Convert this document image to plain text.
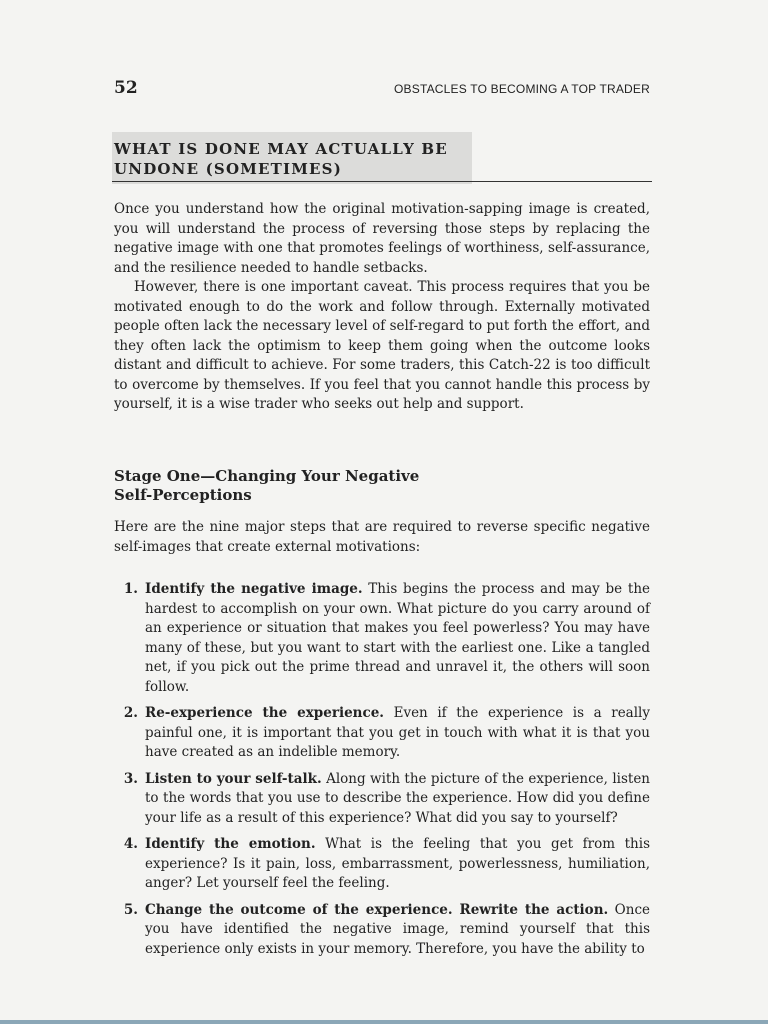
52	OBSTACLES TO BECOMING A TOP TRADER
WHAT IS DONE MAY ACTUALLY BE
UNDONE (SOMETIMES)

Once you understand how the original motivation-sapping image is created, you will understand the process of reversing those steps by replacing the negative image with one that promotes feelings of worthiness, self-assurance, and the resilience needed to handle setbacks.

However, there is one important caveat. This process requires that you be motivated enough to do the work and follow through. Externally motivated people often lack the necessary level of self-regard to put forth the effort, and they often lack the optimism to keep them going when the outcome looks distant and difficult to achieve. For some traders, this Catch-22 is too difficult to overcome by themselves. If you feel that you cannot handle this process by yourself, it is a wise trader who seeks out help and support.

Stage One—Changing Your Negative
Self-Perceptions

Here are the nine major steps that are required to reverse specific negative self-images that create external motivations:

1. Identify the negative image. This begins the process and may be the hardest to accomplish on your own. What picture do you carry around of an experience or situation that makes you feel powerless? You may have many of these, but you want to start with the earliest one. Like a tangled net, if you pick out the prime thread and unravel it, the others will soon follow.
2. Re-experience the experience. Even if the experience is a really painful one, it is important that you get in touch with what it is that you have created as an indelible memory.
3. Listen to your self-talk. Along with the picture of the experience, listen to the words that you use to describe the experience. How did you define your life as a result of this experience? What did you say to yourself?
4. Identify the emotion. What is the feeling that you get from this experience? Is it pain, loss, embarrassment, powerlessness, humiliation, anger? Let yourself feel the feeling.
5. Change the outcome of the experience. Rewrite the action. Once you have identified the negative image, remind yourself that this experience only exists in your memory. Therefore, you have the ability to
